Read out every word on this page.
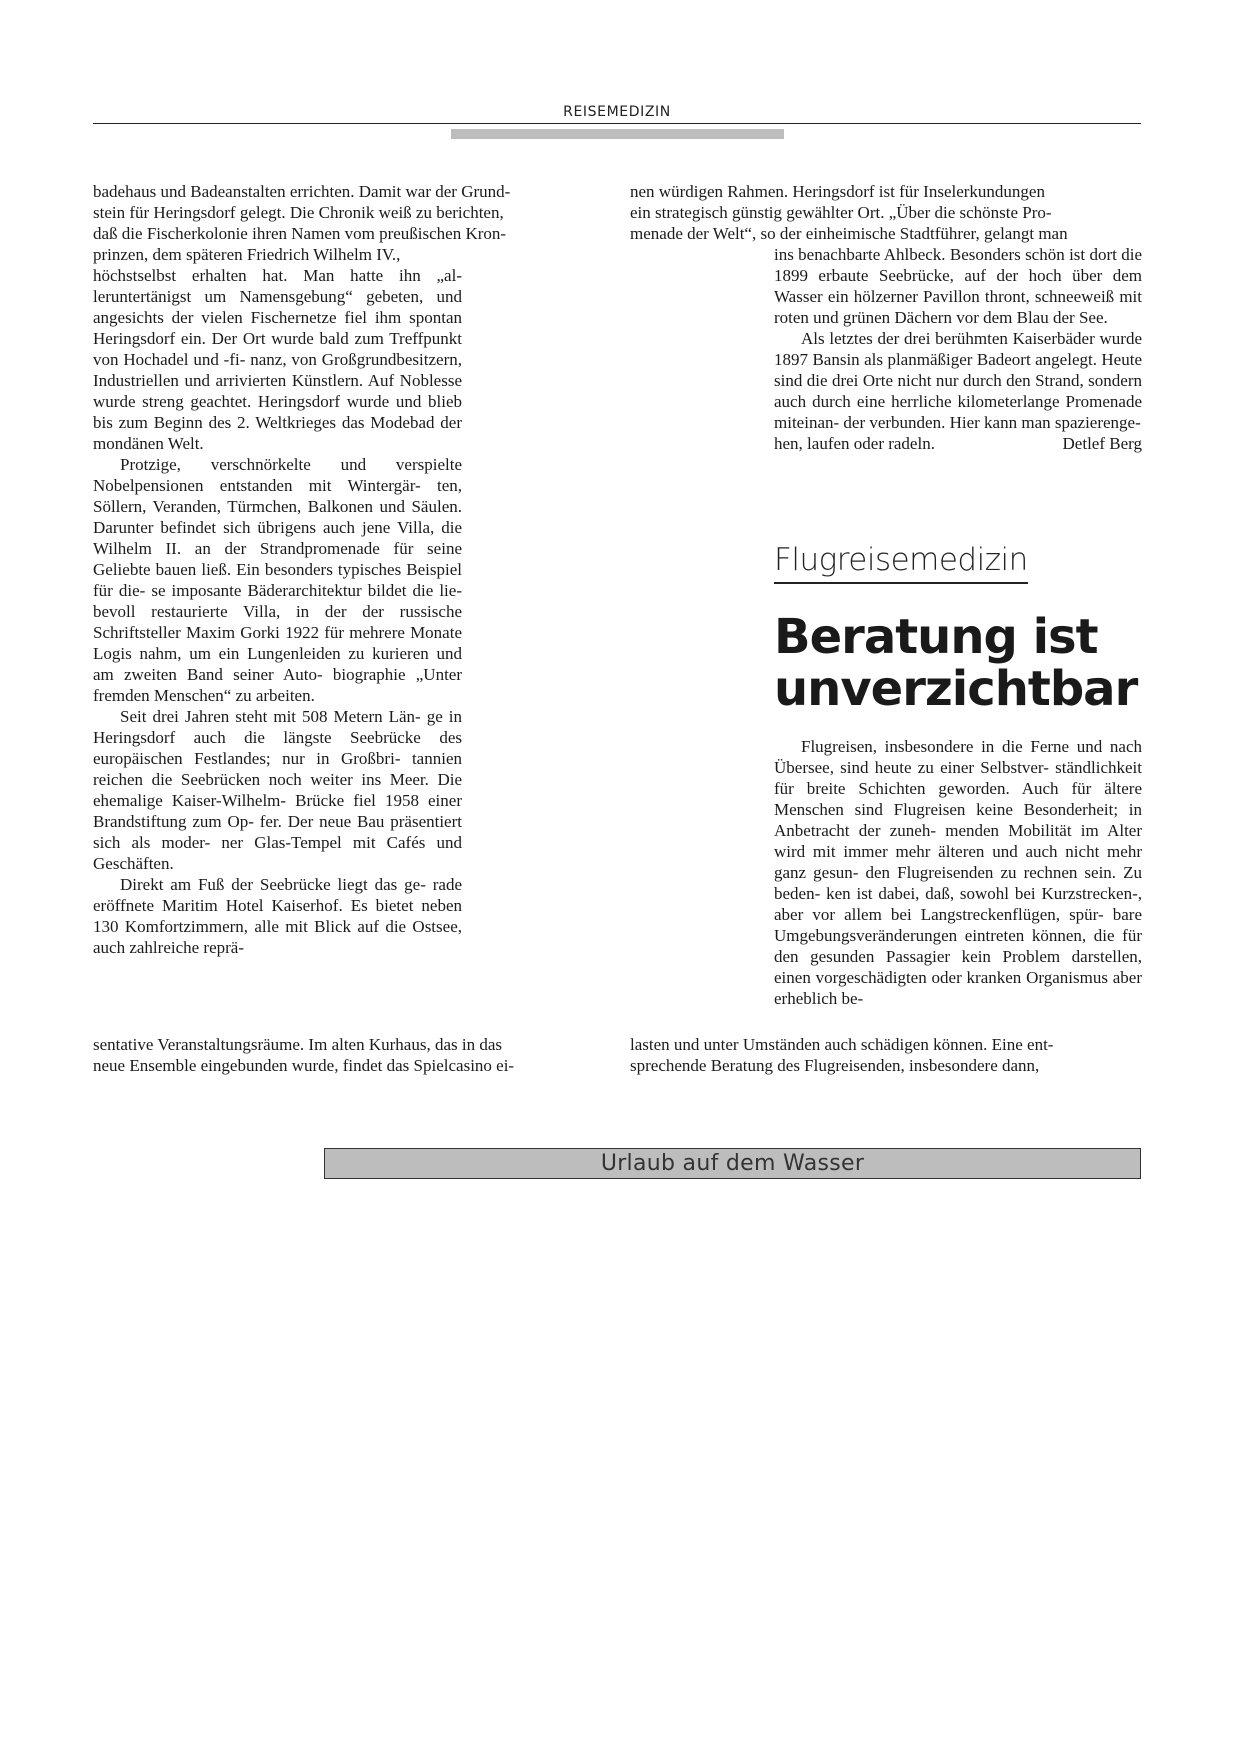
REISEMEDIZIN

badehaus und Badeanstalten errichten. Damit war der Grund-

stein für Heringsdorf gelegt. Die Chronik weiß zu berichten,

daß die Fischerkolonie ihren Namen vom preußischen Kron-

prinzen, dem späteren Friedrich Wilhelm IV.,

höchstselbst erhalten hat. Man hatte ihn „al- leruntertänigst um Namensgebung“ gebeten, und angesichts der vielen Fischernetze fiel ihm spontan Heringsdorf ein. Der Ort wurde bald zum Treffpunkt von Hochadel und -fi- nanz, von Großgrundbesitzern, Industriellen und arrivierten Künstlern. Auf Noblesse wurde streng geachtet. Heringsdorf wurde und blieb bis zum Beginn des 2. Weltkrieges das Modebad der mondänen Welt.

Protzige, verschnörkelte und verspielte Nobelpensionen entstanden mit Wintergär- ten, Söllern, Veranden, Türmchen, Balkonen und Säulen. Darunter befindet sich übrigens auch jene Villa, die Wilhelm II. an der Strandpromenade für seine Geliebte bauen ließ. Ein besonders typisches Beispiel für die- se imposante Bäderarchitektur bildet die lie- bevoll restaurierte Villa, in der der russische Schriftsteller Maxim Gorki 1922 für mehrere Monate Logis nahm, um ein Lungenleiden zu kurieren und am zweiten Band seiner Auto- biographie „Unter fremden Menschen“ zu arbeiten.

Seit drei Jahren steht mit 508 Metern Län- ge in Heringsdorf auch die längste Seebrücke des europäischen Festlandes; nur in Großbri- tannien reichen die Seebrücken noch weiter ins Meer. Die ehemalige Kaiser-Wilhelm- Brücke fiel 1958 einer Brandstiftung zum Op- fer. Der neue Bau präsentiert sich als moder- ner Glas-Tempel mit Cafés und Geschäften.

Direkt am Fuß der Seebrücke liegt das ge- rade eröffnete Maritim Hotel Kaiserhof. Es bietet neben 130 Komfortzimmern, alle mit Blick auf die Ostsee, auch zahlreiche reprä-

sentative Veranstaltungsräume. Im alten Kurhaus, das in das

neue Ensemble eingebunden wurde, findet das Spielcasino ei-

nen würdigen Rahmen. Heringsdorf ist für Inselerkundungen

ein strategisch günstig gewählter Ort. „Über die schönste Pro-

menade der Welt“, so der einheimische Stadtführer, gelangt man

ins benachbarte Ahlbeck. Besonders schön ist dort die 1899 erbaute Seebrücke, auf der hoch über dem Wasser ein hölzerner Pavillon thront, schneeweiß mit roten und grünen Dächern vor dem Blau der See.

Als letztes der drei berühmten Kaiserbäder wurde 1897 Bansin als planmäßiger Badeort angelegt. Heute sind die drei Orte nicht nur durch den Strand, sondern auch durch eine herrliche kilometerlange Promenade miteinan- der verbunden. Hier kann man spazierenge-

hen, laufen oder radeln.	Detlef Berg

Flugreisemedizin
Beratung ist
unverzichtbar

Flugreisen, insbesondere in die Ferne und nach Übersee, sind heute zu einer Selbstver- ständlichkeit für breite Schichten geworden. Auch für ältere Menschen sind Flugreisen keine Besonderheit; in Anbetracht der zuneh- menden Mobilität im Alter wird mit immer mehr älteren und auch nicht mehr ganz gesun- den Flugreisenden zu rechnen sein. Zu beden- ken ist dabei, daß, sowohl bei Kurzstrecken-, aber vor allem bei Langstreckenflügen, spür- bare Umgebungsveränderungen eintreten können, die für den gesunden Passagier kein Problem darstellen, einen vorgeschädigten oder kranken Organismus aber erheblich be-

lasten und unter Umständen auch schädigen können. Eine ent-

sprechende Beratung des Flugreisenden, insbesondere dann,

Urlaub auf dem Wasser
